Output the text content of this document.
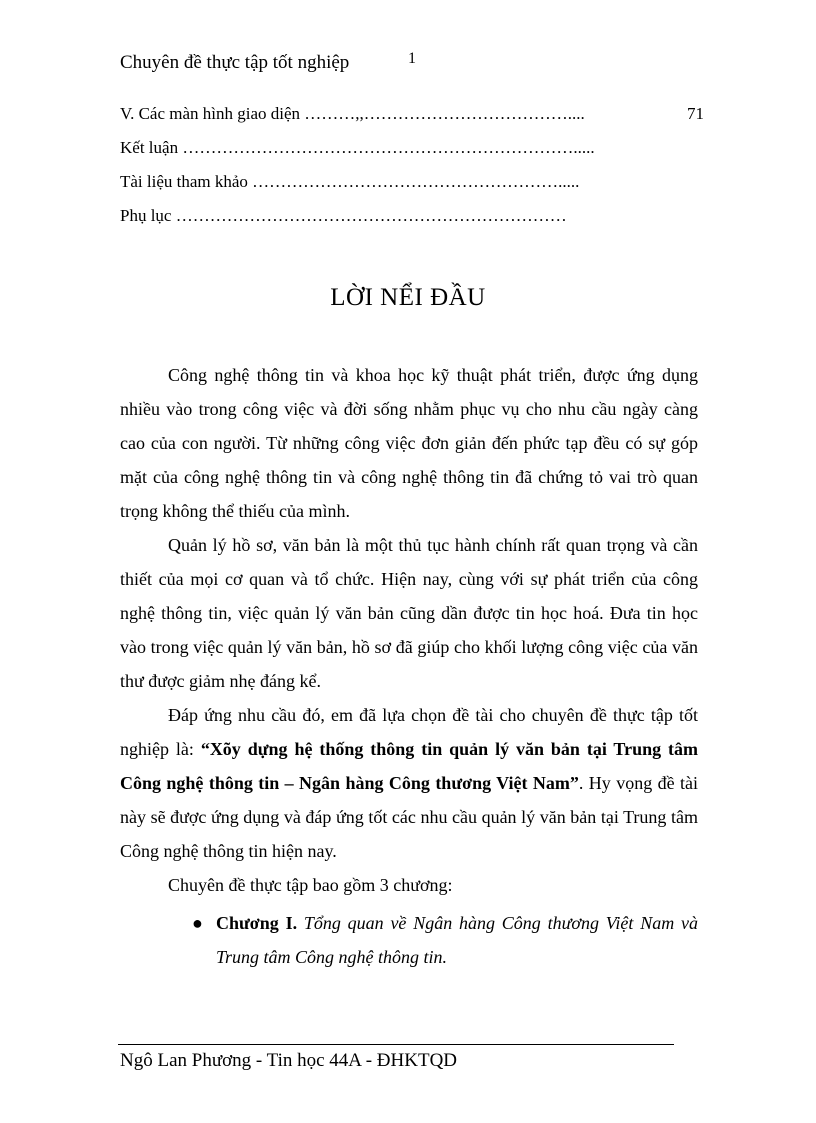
Chuyên đề thực tập tốt nghiệp	1
V. Các màn hình giao diện ………,,………………………………....	71
Kết luận …………………………………………………………….....
Tài liệu tham khảo ……………………………………………….....
Phụ lục ……………………………………………………………
LỜI NỂI ĐẦU

Công nghệ thông tin và khoa học kỹ thuật phát triển, được ứng dụng nhiều vào trong công việc và đời sống nhằm phục vụ cho nhu cầu ngày càng cao của con người. Từ những công việc đơn giản đến phức tạp đều có sự góp mặt của công nghệ thông tin và công nghệ thông tin đã chứng tỏ vai trò quan trọng không thể thiếu của mình.

Quản lý hồ sơ, văn bản là một thủ tục hành chính rất quan trọng và cần thiết của mọi cơ quan và tổ chức. Hiện nay, cùng với sự phát triển của công nghệ thông tin, việc quản lý văn bản cũng dần được tin học hoá. Đưa tin học vào trong việc quản lý văn bản, hồ sơ đã giúp cho khối lượng công việc của văn thư được giảm nhẹ đáng kể.

Đáp ứng nhu cầu đó, em đã lựa chọn đề tài cho chuyên đề thực tập tốt nghiệp là: “Xõy dựng hệ thống thông tin quản lý văn bản tại Trung tâm Công nghệ thông tin – Ngân hàng Công thương Việt Nam”. Hy vọng đề tài này sẽ được ứng dụng và đáp ứng tốt các nhu cầu quản lý văn bản tại Trung tâm Công nghệ thông tin hiện nay.

Chuyên đề thực tập bao gồm 3 chương:

● Chương I. Tổng quan về Ngân hàng Công thương Việt Nam và Trung tâm Công nghệ thông tin.
Ngô Lan Phương - Tin học 44A - ĐHKTQD
